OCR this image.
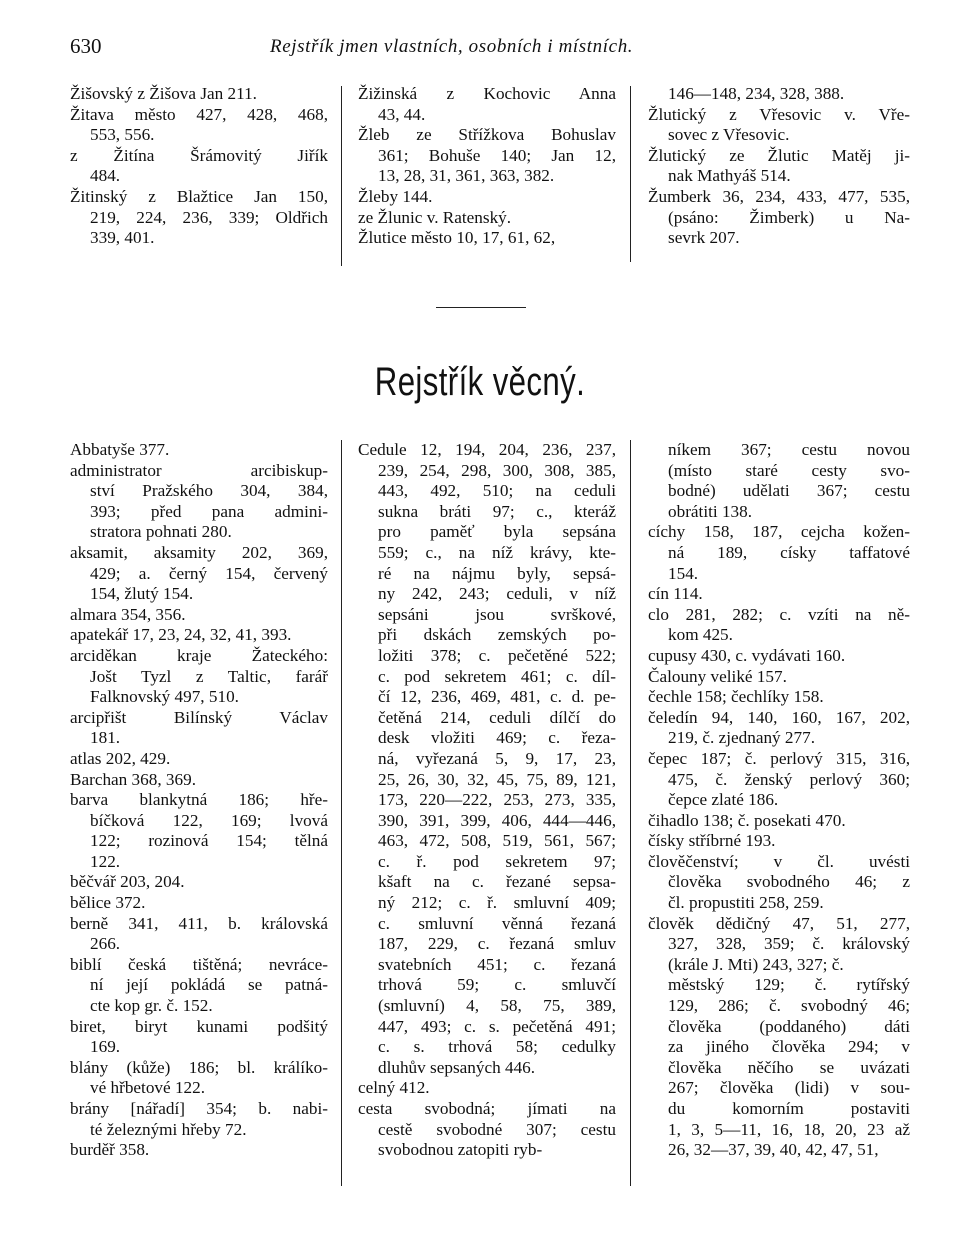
630	Rejstřík jmen vlastních, osobních i místních.
Žišovský z Žišova Jan 211.
Žitava město 427, 428, 468,
553, 556.
z Žitína Šrámovitý Jiřík
484.
Žitinský z Blažtice Jan 150,
219, 224, 236, 339; Oldřich
339, 401.
Žižinská z Kochovic Anna
43, 44.
Žleb ze Střížkova Bohuslav
361; Bohuše 140; Jan 12,
13, 28, 31, 361, 363, 382.
Žleby 144.
ze Žlunic v. Ratenský.
Žlutice město 10, 17, 61, 62,
146—148, 234, 328, 388.
Žlutický z Vřesovic v. Vře-
sovec z Vřesovic.
Žlutický ze Žlutic Matěj ji-
nak Mathyáš 514.
Žumberk 36, 234, 433, 477, 535,
(psáno: Žimberk) u Na-
sevrk 207.
Rejstřík věcný.
Abbatyše 377.
administrator arcibiskup-
ství Pražského 304, 384,
393; před pana admini-
stratora pohnati 280.
aksamit, aksamity 202, 369,
429; a. černý 154, červený
154, žlutý 154.
almara 354, 356.
apatekář 17, 23, 24, 32, 41, 393.
arciděkan kraje Žateckého:
Jošt Tyzl z Taltic, farář
Falknovský 497, 510.
arcipřišt Bilínský Václav
181.
atlas 202, 429.
Barchan 368, 369.
barva blankytná 186; hře-
bíčková 122, 169; lvová
122; rozinová 154; tělná
122.
běčvář 203, 204.
bělice 372.
berně 341, 411, b. královská
266.
biblí česká tištěná; nevráce-
ní její pokládá se patná-
cte kop gr. č. 152.
biret, biryt kunami podšitý
169.
blány (kůže) 186; bl. králíko-
vé hřbetové 122.
brány [nářadí] 354; b. nabi-
té železnými hřeby 72.
burděř 358.
Cedule 12, 194, 204, 236, 237,
239, 254, 298, 300, 308, 385,
443, 492, 510; na ceduli
sukna bráti 97; c., kteráž
pro paměť byla sepsána
559; c., na níž krávy, kte-
ré na nájmu byly, sepsá-
ny 242, 243; ceduli, v níž
sepsáni jsou svrškové,
při dskách zemských po-
ložiti 378; c. pečetěné 522;
c. pod sekretem 461; c. díl-
čí 12, 236, 469, 481, c. d. pe-
četěná 214, ceduli dílčí do
desk vložiti 469; c. řeza-
ná, vyřezaná 5, 9, 17, 23,
25, 26, 30, 32, 45, 75, 89, 121,
173, 220—222, 253, 273, 335,
390, 391, 399, 406, 444—446,
463, 472, 508, 519, 561, 567;
c. ř. pod sekretem 97;
kšaft na c. řezané sepsa-
ný 212; c. ř. smluvní 409;
c. smluvní věnná řezaná
187, 229, c. řezaná smluv
svatebních 451; c. řezaná
trhová 59; c. smluvčí
(smluvní) 4, 58, 75, 389,
447, 493; c. s. pečetěná 491;
c. s. trhová 58; cedulky
dluhův sepsaných 446.
celný 412.
cesta svobodná; jímati na
cestě svobodné 307; cestu
svobodnou zatopiti ryb-
níkem 367; cestu novou
(místo staré cesty svo-
bodné) udělati 367; cestu
obrátiti 138.
cíchy 158, 187, cejcha kožen-
ná 189, císky taffatové
154.
cín 114.
clo 281, 282; c. vzíti na ně-
kom 425.
cupusy 430, c. vydávati 160.
Čalouny veliké 157.
čechle 158; čechlíky 158.
čeledín 94, 140, 160, 167, 202,
219, č. zjednaný 277.
čepec 187; č. perlový 315, 316,
475, č. ženský perlový 360;
čepce zlaté 186.
čihadlo 138; č. posekati 470.
čísky stříbrné 193.
člověčenství; v čl. uvésti
člověka svobodného 46; z
čl. propustiti 258, 259.
člověk dědičný 47, 51, 277,
327, 328, 359; č. královský
(krále J. Mti) 243, 327; č.
městský 129; č. rytířský
129, 286; č. svobodný 46;
člověka (poddaného) dáti
za jiného člověka 294; v
člověka něčího se uvázati
267; člověka (lidi) v sou-
du komorním postaviti
1, 3, 5—11, 16, 18, 20, 23 až
26, 32—37, 39, 40, 42, 47, 51,
